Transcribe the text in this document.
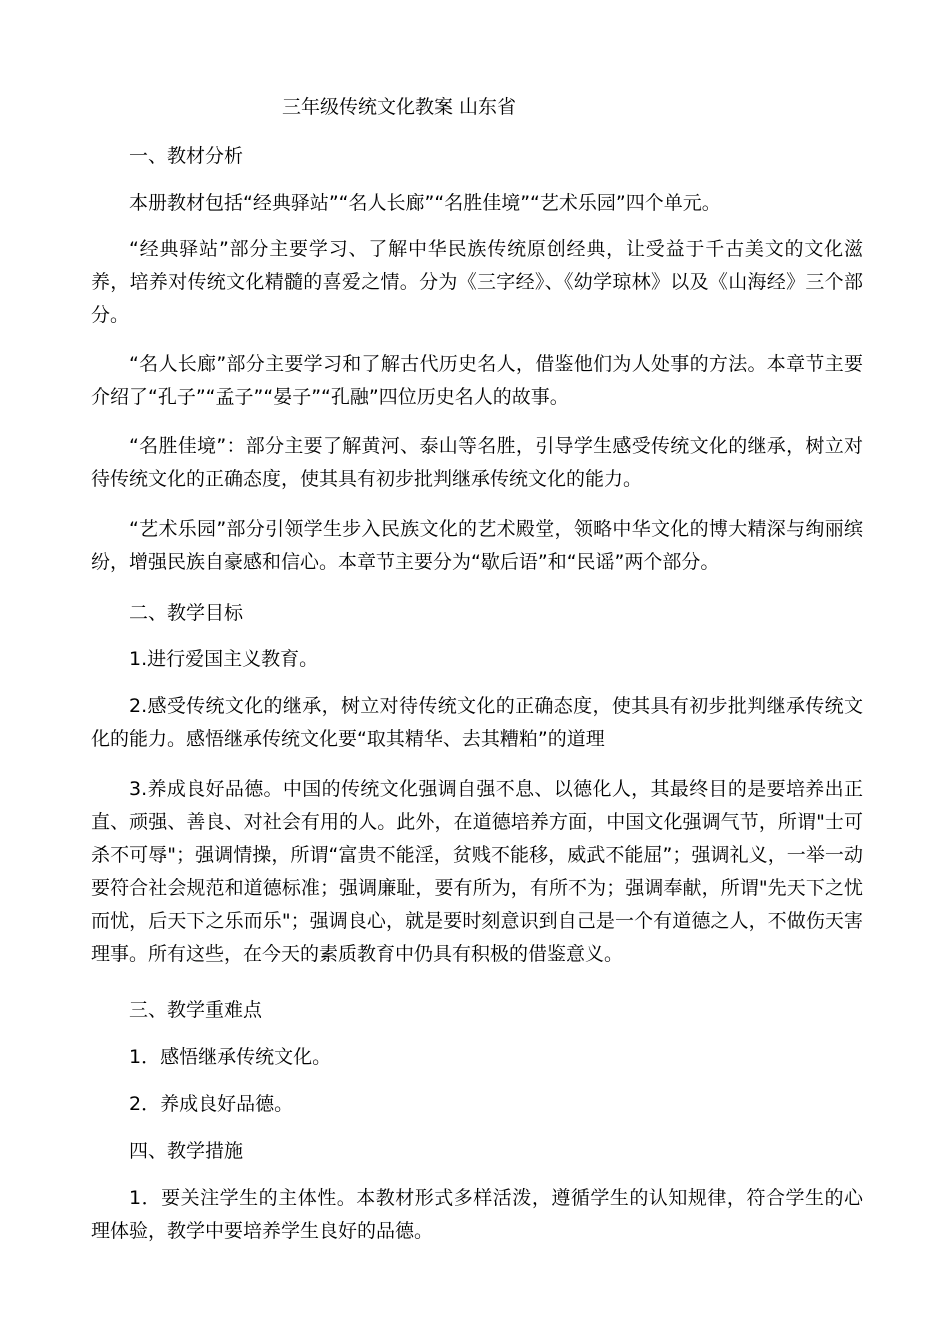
三年级传统文化教案 山东省
一、教材分析
本册教材包括“经典驿站”“名人长廊”“名胜佳境”“艺术乐园”四个单元。
“经典驿站”部分主要学习、了解中华民族传统原创经典，让受益于千古美文的文化滋养，培养对传统文化精髓的喜爱之情。分为《三字经》、《幼学琼林》以及《山海经》三个部分。
“名人长廊”部分主要学习和了解古代历史名人，借鉴他们为人处事的方法。本章节主要介绍了“孔子”“孟子”“晏子”“孔融”四位历史名人的故事。
“名胜佳境”：部分主要了解黄河、泰山等名胜，引导学生感受传统文化的继承，树立对待传统文化的正确态度，使其具有初步批判继承传统文化的能力。
“艺术乐园”部分引领学生步入民族文化的艺术殿堂，领略中华文化的博大精深与绚丽缤纷，增强民族自豪感和信心。本章节主要分为“歇后语”和“民谣”两个部分。
二、教学目标
1.进行爱国主义教育。
2.感受传统文化的继承，树立对待传统文化的正确态度，使其具有初步批判继承传统文化的能力。感悟继承传统文化要“取其精华、去其糟粕”的道理
3.养成良好品德。中国的传统文化强调自强不息、以德化人，其最终目的是要培养出正直、顽强、善良、对社会有用的人。此外，在道德培养方面，中国文化强调气节，所谓"士可杀不可辱"；强调情操，所谓“富贵不能淫，贫贱不能移，威武不能屈”；强调礼义，一举一动要符合社会规范和道德标准；强调廉耻，要有所为，有所不为；强调奉献，所谓"先天下之忧而忧，后天下之乐而乐"；强调良心，就是要时刻意识到自己是一个有道德之人，不做伤天害理事。所有这些，在今天的素质教育中仍具有积极的借鉴意义。
三、教学重难点
1．感悟继承传统文化。
2．养成良好品德。
四、教学措施
1．要关注学生的主体性。本教材形式多样活泼，遵循学生的认知规律，符合学生的心理体验，教学中要培养学生良好的品德。
